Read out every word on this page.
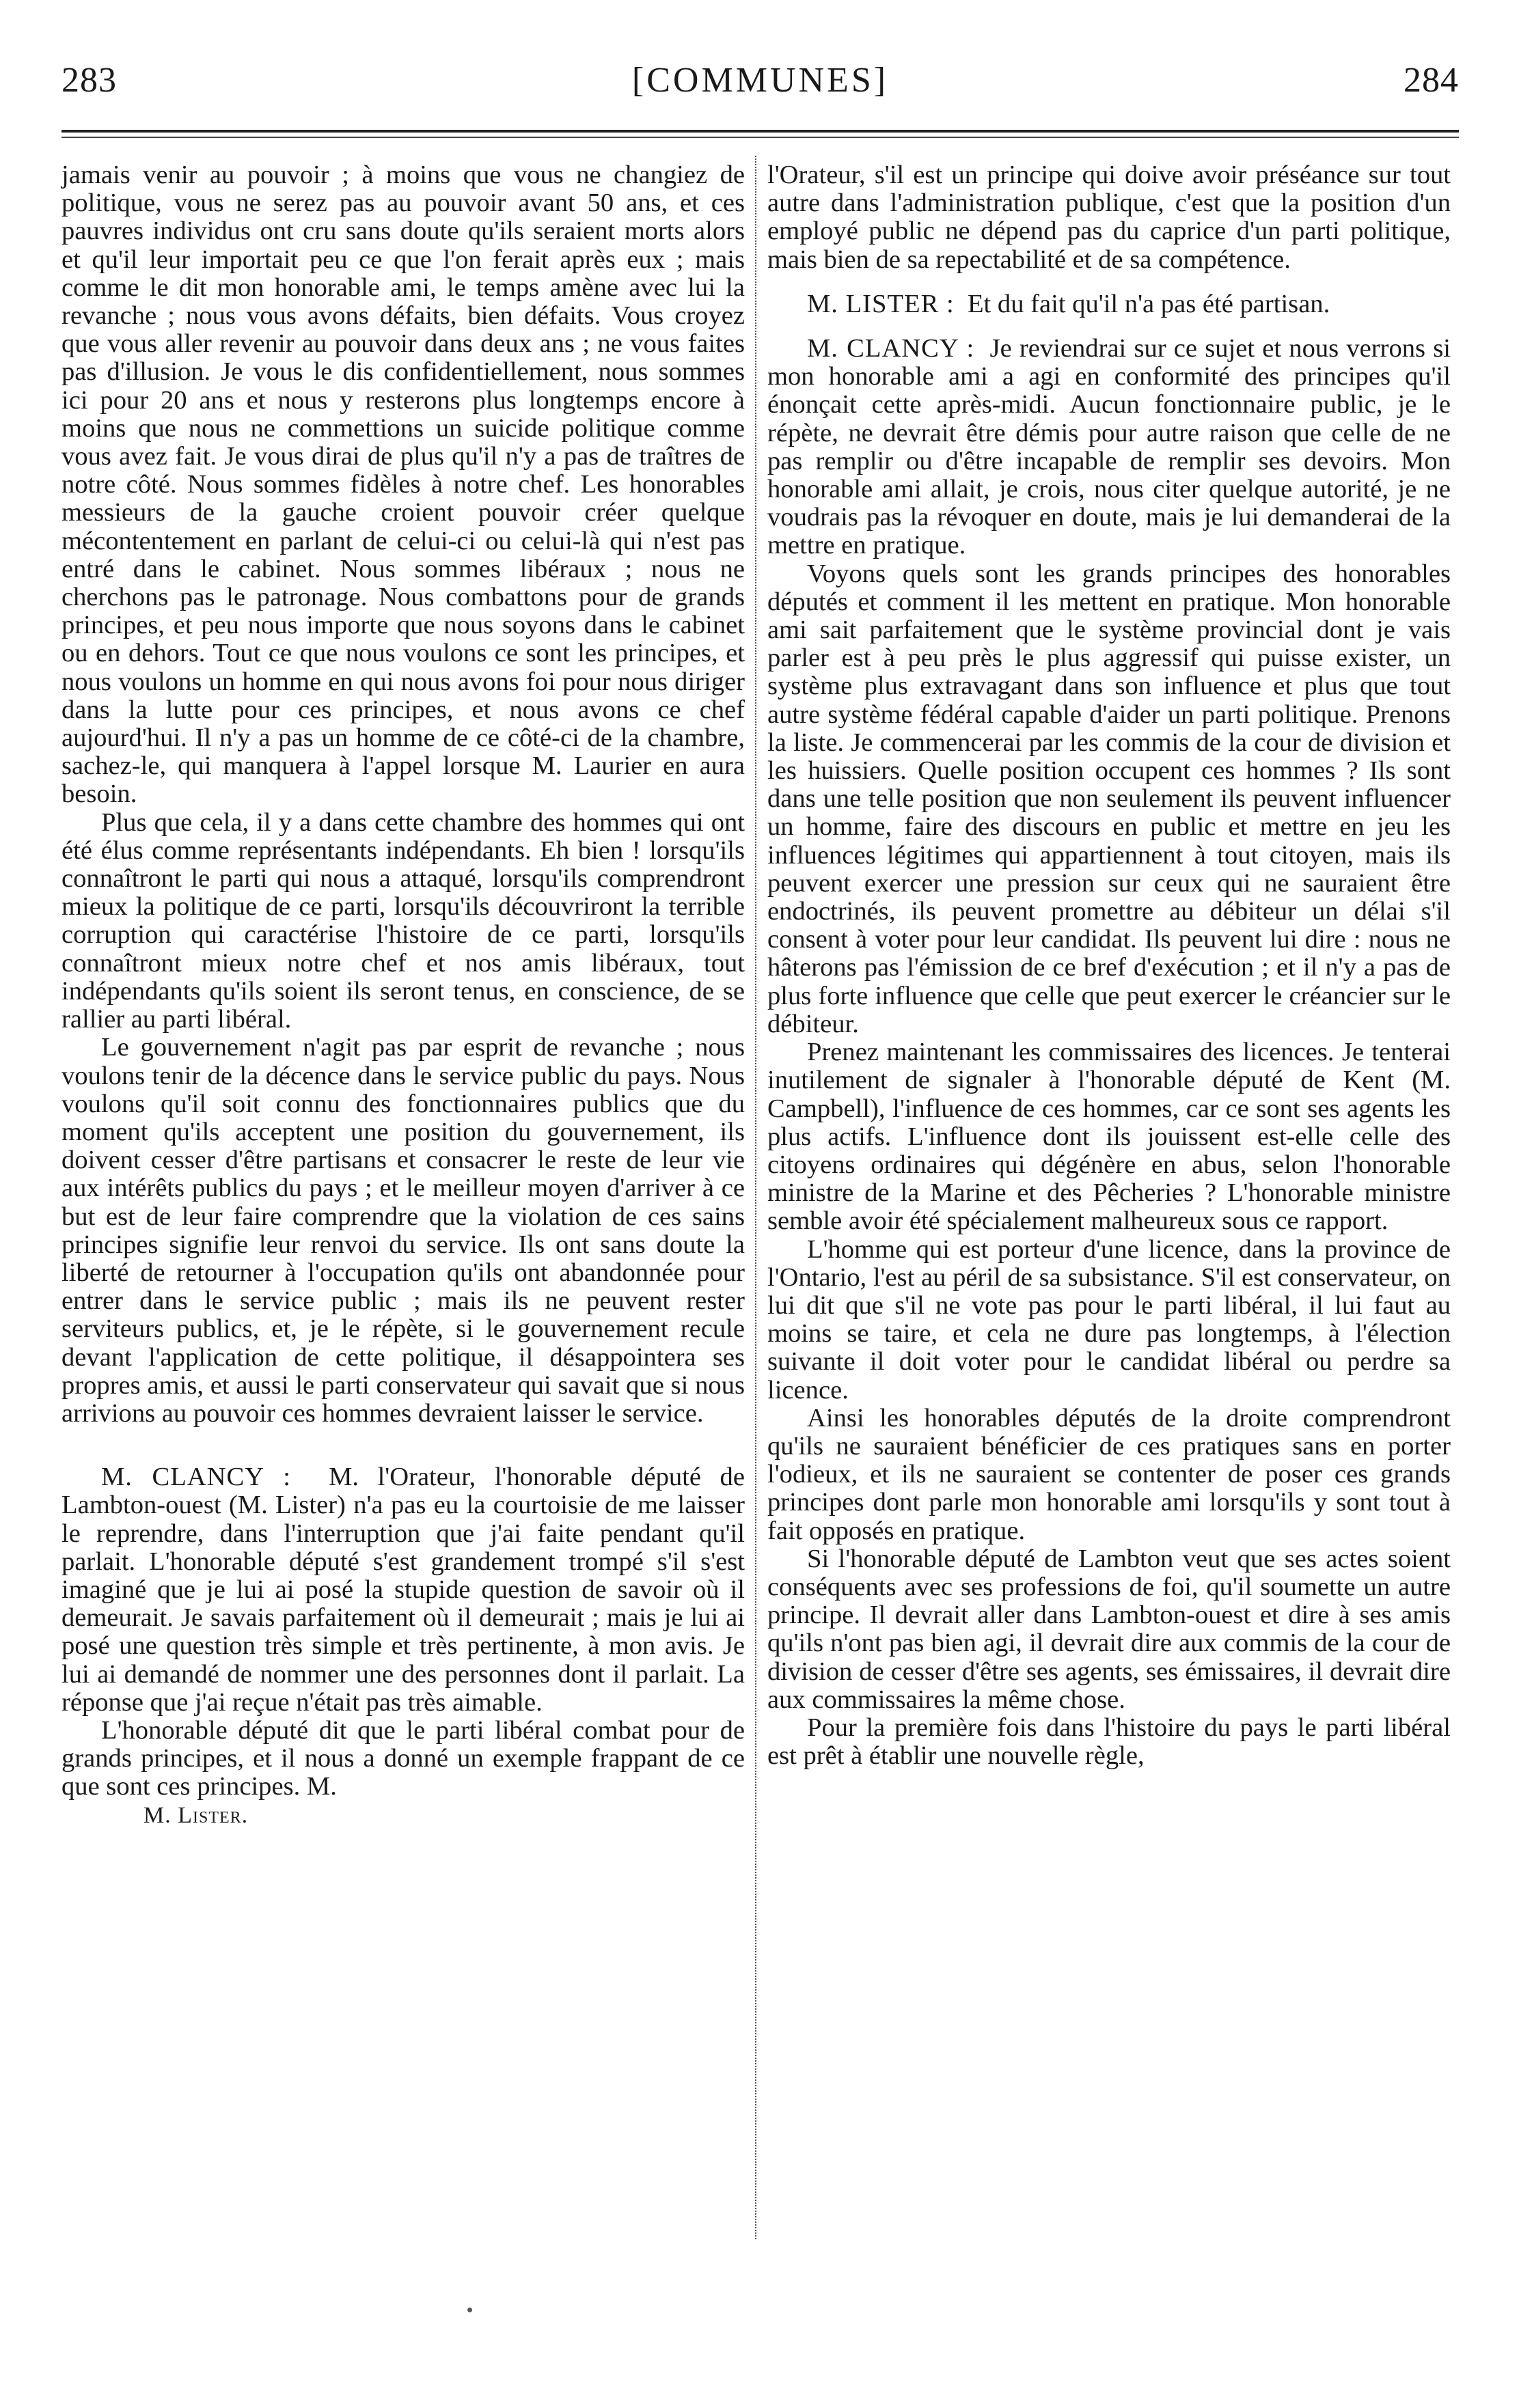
283	[COMMUNES]	284

jamais venir au pouvoir ; à moins que vous ne changiez de politique, vous ne serez pas au pouvoir avant 50 ans, et ces pauvres individus ont cru sans doute qu'ils seraient morts alors et qu'il leur importait peu ce que l'on ferait après eux ; mais comme le dit mon honorable ami, le temps amène avec lui la revanche ; nous vous avons défaits, bien défaits. Vous croyez que vous aller revenir au pouvoir dans deux ans ; ne vous faites pas d'illusion. Je vous le dis confidentiellement, nous sommes ici pour 20 ans et nous y resterons plus longtemps encore à moins que nous ne commettions un suicide politique comme vous avez fait. Je vous dirai de plus qu'il n'y a pas de traîtres de notre côté. Nous sommes fidèles à notre chef. Les honorables messieurs de la gauche croient pouvoir créer quelque mécontentement en parlant de celui-ci ou celui-là qui n'est pas entré dans le cabinet. Nous sommes libéraux ; nous ne cherchons pas le patronage. Nous combattons pour de grands principes, et peu nous importe que nous soyons dans le cabinet ou en dehors. Tout ce que nous voulons ce sont les principes, et nous voulons un homme en qui nous avons foi pour nous diriger dans la lutte pour ces principes, et nous avons ce chef aujourd'hui. Il n'y a pas un homme de ce côté-ci de la chambre, sachez-le, qui manquera à l'appel lorsque M. Laurier en aura besoin.

Plus que cela, il y a dans cette chambre des hommes qui ont été élus comme représentants indépendants. Eh bien ! lorsqu'ils connaîtront le parti qui nous a attaqué, lorsqu'ils comprendront mieux la politique de ce parti, lorsqu'ils découvriront la terrible corruption qui caractérise l'histoire de ce parti, lorsqu'ils connaîtront mieux notre chef et nos amis libéraux, tout indépendants qu'ils soient ils seront tenus, en conscience, de se rallier au parti libéral.

Le gouvernement n'agit pas par esprit de revanche ; nous voulons tenir de la décence dans le service public du pays. Nous voulons qu'il soit connu des fonctionnaires publics que du moment qu'ils acceptent une position du gouvernement, ils doivent cesser d'être partisans et consacrer le reste de leur vie aux intérêts publics du pays ; et le meilleur moyen d'arriver à ce but est de leur faire comprendre que la violation de ces sains principes signifie leur renvoi du service. Ils ont sans doute la liberté de retourner à l'occupation qu'ils ont abandonnée pour entrer dans le service public ; mais ils ne peuvent rester serviteurs publics, et, je le répète, si le gouvernement recule devant l'application de cette politique, il désappointera ses propres amis, et aussi le parti conservateur qui savait que si nous arrivions au pouvoir ces hommes devraient laisser le service.

M. CLANCY : M. l'Orateur, l'honorable député de Lambton-ouest (M. Lister) n'a pas eu la courtoisie de me laisser le reprendre, dans l'interruption que j'ai faite pendant qu'il parlait. L'honorable député s'est grandement trompé s'il s'est imaginé que je lui ai posé la stupide question de savoir où il demeurait. Je savais parfaitement où il demeurait ; mais je lui ai posé une question très simple et très pertinente, à mon avis. Je lui ai demandé de nommer une des personnes dont il parlait. La réponse que j'ai reçue n'était pas très aimable.

L'honorable député dit que le parti libéral combat pour de grands principes, et il nous a donné un exemple frappant de ce que sont ces principes. M.

M. Lister.

l'Orateur, s'il est un principe qui doive avoir préséance sur tout autre dans l'administration publique, c'est que la position d'un employé public ne dépend pas du caprice d'un parti politique, mais bien de sa repectabilité et de sa compétence.

M. LISTER : Et du fait qu'il n'a pas été partisan.

M. CLANCY : Je reviendrai sur ce sujet et nous verrons si mon honorable ami a agi en conformité des principes qu'il énonçait cette après-midi. Aucun fonctionnaire public, je le répète, ne devrait être démis pour autre raison que celle de ne pas remplir ou d'être incapable de remplir ses devoirs. Mon honorable ami allait, je crois, nous citer quelque autorité, je ne voudrais pas la révoquer en doute, mais je lui demanderai de la mettre en pratique.

Voyons quels sont les grands principes des honorables députés et comment il les mettent en pratique. Mon honorable ami sait parfaitement que le système provincial dont je vais parler est à peu près le plus aggressif qui puisse exister, un système plus extravagant dans son influence et plus que tout autre système fédéral capable d'aider un parti politique. Prenons la liste. Je commencerai par les commis de la cour de division et les huissiers. Quelle position occupent ces hommes ? Ils sont dans une telle position que non seulement ils peuvent influencer un homme, faire des discours en public et mettre en jeu les influences légitimes qui appartiennent à tout citoyen, mais ils peuvent exercer une pression sur ceux qui ne sauraient être endoctrinés, ils peuvent promettre au débiteur un délai s'il consent à voter pour leur candidat. Ils peuvent lui dire : nous ne hâterons pas l'émission de ce bref d'exécution ; et il n'y a pas de plus forte influence que celle que peut exercer le créancier sur le débiteur.

Prenez maintenant les commissaires des licences. Je tenterai inutilement de signaler à l'honorable député de Kent (M. Campbell), l'influence de ces hommes, car ce sont ses agents les plus actifs. L'influence dont ils jouissent est-elle celle des citoyens ordinaires qui dégénère en abus, selon l'honorable ministre de la Marine et des Pêcheries ? L'honorable ministre semble avoir été spécialement malheureux sous ce rapport.

L'homme qui est porteur d'une licence, dans la province de l'Ontario, l'est au péril de sa subsistance. S'il est conservateur, on lui dit que s'il ne vote pas pour le parti libéral, il lui faut au moins se taire, et cela ne dure pas longtemps, à l'élection suivante il doit voter pour le candidat libéral ou perdre sa licence.

Ainsi les honorables députés de la droite comprendront qu'ils ne sauraient bénéficier de ces pratiques sans en porter l'odieux, et ils ne sauraient se contenter de poser ces grands principes dont parle mon honorable ami lorsqu'ils y sont tout à fait opposés en pratique.

Si l'honorable député de Lambton veut que ses actes soient conséquents avec ses professions de foi, qu'il soumette un autre principe. Il devrait aller dans Lambton-ouest et dire à ses amis qu'ils n'ont pas bien agi, il devrait dire aux commis de la cour de division de cesser d'être ses agents, ses émissaires, il devrait dire aux commissaires la même chose.

Pour la première fois dans l'histoire du pays le parti libéral est prêt à établir une nouvelle règle,
